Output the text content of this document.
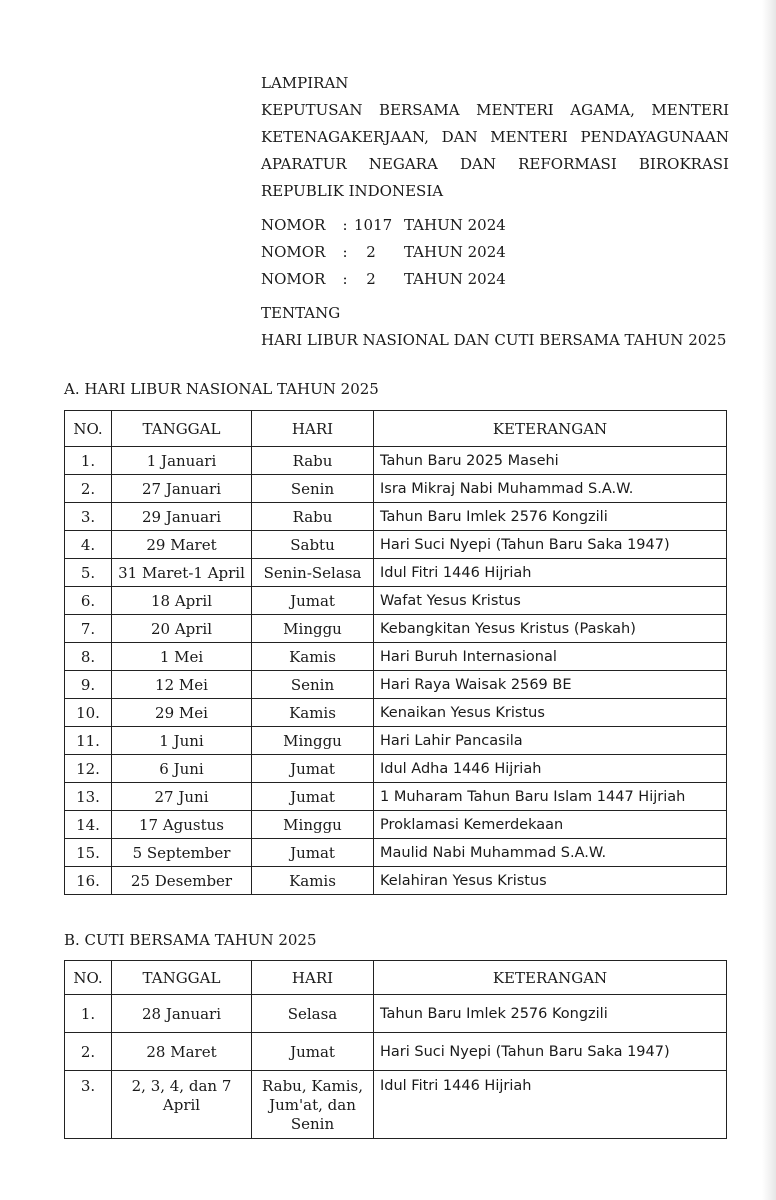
LAMPIRAN
KEPUTUSAN BERSAMA MENTERI AGAMA, MENTERI
KETENAGAKERJAAN, DAN MENTERI PENDAYAGUNAAN
APARATUR NEGARA DAN REFORMASI BIROKRASI
REPUBLIK INDONESIA
NOMOR	: 1017 TAHUN 2024
NOMOR	:	2	TAHUN 2024
NOMOR	:	2	TAHUN 2024
TENTANG
HARI LIBUR NASIONAL DAN CUTI BERSAMA TAHUN 2025
A. HARI LIBUR NASIONAL TAHUN 2025
NO.	TANGGAL	HARI	KETERANGAN
1.	1 Januari	Rabu	Tahun Baru 2025 Masehi
2.	27 Januari	Senin	Isra Mikraj Nabi Muhammad S.A.W.
3.	29 Januari	Rabu	Tahun Baru Imlek 2576 Kongzili
4.	29 Maret	Sabtu	Hari Suci Nyepi (Tahun Baru Saka 1947)
5.	31 Maret-1 April	Senin-Selasa	Idul Fitri 1446 Hijriah
6.	18 April	Jumat	Wafat Yesus Kristus
7.	20 April	Minggu	Kebangkitan Yesus Kristus (Paskah)
8.	1 Mei	Kamis	Hari Buruh Internasional
9.	12 Mei	Senin	Hari Raya Waisak 2569 BE
10.	29 Mei	Kamis	Kenaikan Yesus Kristus
11.	1 Juni	Minggu	Hari Lahir Pancasila
12.	6 Juni	Jumat	Idul Adha 1446 Hijriah
13.	27 Juni	Jumat	1 Muharam Tahun Baru Islam 1447 Hijriah
14.	17 Agustus	Minggu	Proklamasi Kemerdekaan
15.	5 September	Jumat	Maulid Nabi Muhammad S.A.W.
16.	25 Desember	Kamis	Kelahiran Yesus Kristus
B. CUTI BERSAMA TAHUN 2025
NO.	TANGGAL	HARI	KETERANGAN
1.	28 Januari	Selasa	Tahun Baru Imlek 2576 Kongzili
2.	28 Maret	Jumat	Hari Suci Nyepi (Tahun Baru Saka 1947)
3.	2, 3, 4, dan 7 April	Rabu, Kamis, Jum'at, dan Senin	Idul Fitri 1446 Hijriah
